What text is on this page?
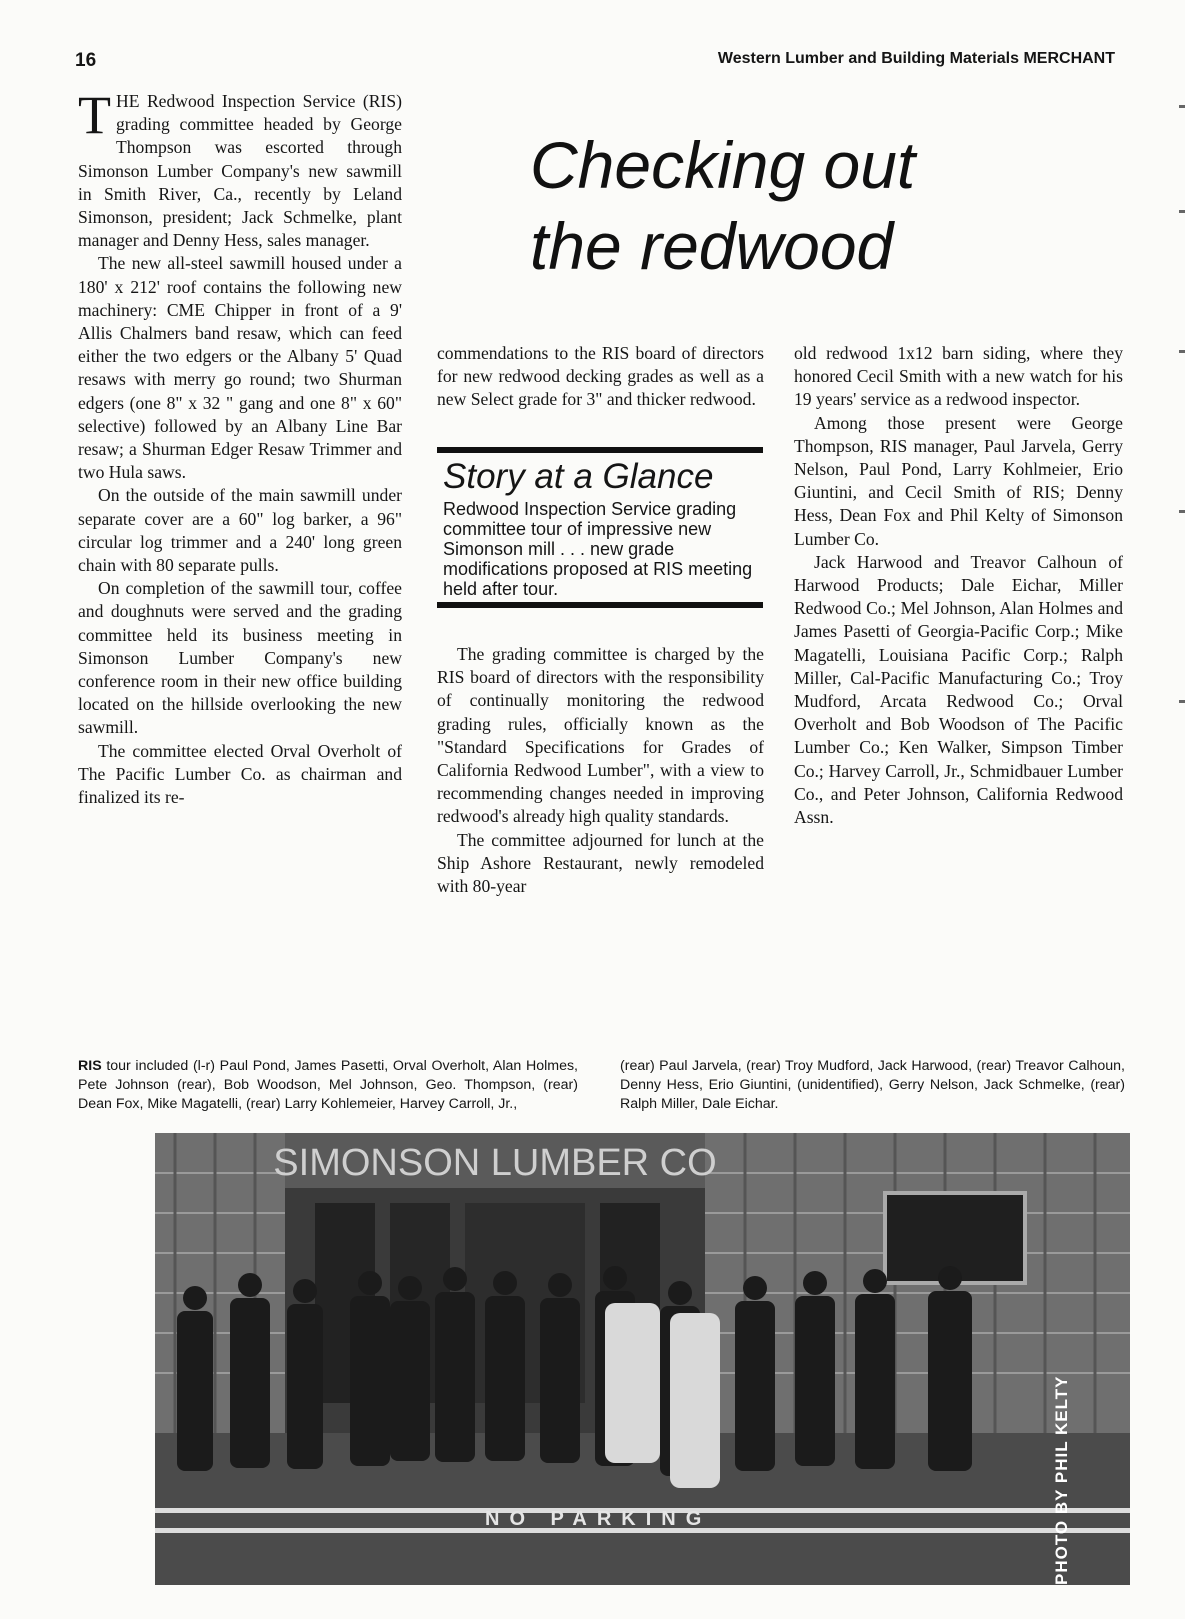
16	Western Lumber and Building Materials MERCHANT
Checking out
the redwood

THE Redwood Inspection Service (RIS) grading committee headed by George Thompson was escorted through Simonson Lumber Company's new sawmill in Smith River, Ca., recently by Leland Simonson, president; Jack Schmelke, plant manager and Denny Hess, sales manager.

The new all-steel sawmill housed under a 180' x 212' roof contains the following new machinery: CME Chipper in front of a 9' Allis Chalmers band resaw, which can feed either the two edgers or the Albany 5' Quad resaws with merry go round; two Shurman edgers (one 8" x 32 " gang and one 8" x 60" selective) followed by an Albany Line Bar resaw; a Shurman Edger Resaw Trimmer and two Hula saws.

On the outside of the main sawmill under separate cover are a 60" log barker, a 96" circular log trimmer and a 240' long green chain with 80 separate pulls.

On completion of the sawmill tour, coffee and doughnuts were served and the grading committee held its business meeting in Simonson Lumber Company's new conference room in their new office building located on the hillside overlooking the new sawmill.

The committee elected Orval Overholt of The Pacific Lumber Co. as chairman and finalized its re-

commendations to the RIS board of directors for new redwood decking grades as well as a new Select grade for 3" and thicker redwood.

Story at a Glance
Redwood Inspection Service grading committee tour of impressive new Simonson mill . . . new grade modifications proposed at RIS meeting held after tour.

The grading committee is charged by the RIS board of directors with the responsibility of continually monitoring the redwood grading rules, officially known as the "Standard Specifications for Grades of California Redwood Lumber", with a view to recommending changes needed in improving redwood's already high quality standards.

The committee adjourned for lunch at the Ship Ashore Restaurant, newly remodeled with 80-year

old redwood 1x12 barn siding, where they honored Cecil Smith with a new watch for his 19 years' service as a redwood inspector.

Among those present were George Thompson, RIS manager, Paul Jarvela, Gerry Nelson, Paul Pond, Larry Kohlmeier, Erio Giuntini, and Cecil Smith of RIS; Denny Hess, Dean Fox and Phil Kelty of Simonson Lumber Co.

Jack Harwood and Treavor Calhoun of Harwood Products; Dale Eichar, Miller Redwood Co.; Mel Johnson, Alan Holmes and James Pasetti of Georgia-Pacific Corp.; Mike Magatelli, Louisiana Pacific Corp.; Ralph Miller, Cal-Pacific Manufacturing Co.; Troy Mudford, Arcata Redwood Co.; Orval Overholt and Bob Woodson of The Pacific Lumber Co.; Ken Walker, Simpson Timber Co.; Harvey Carroll, Jr., Schmidbauer Lumber Co., and Peter Johnson, California Redwood Assn.

RIS tour included (l-r) Paul Pond, James Pasetti, Orval Overholt, Alan Holmes, Pete Johnson (rear), Bob Woodson, Mel Johnson, Geo. Thompson, (rear) Dean Fox, Mike Magatelli, (rear) Larry Kohlemeier, Harvey Carroll, Jr.,
(rear) Paul Jarvela, (rear) Troy Mudford, Jack Harwood, (rear) Treavor Calhoun, Denny Hess, Erio Giuntini, (unidentified), Gerry Nelson, Jack Schmelke, (rear) Ralph Miller, Dale Eichar.
SIMONSON LUMBER CO
NO PARKING	PHOTO BY PHIL KELTY
